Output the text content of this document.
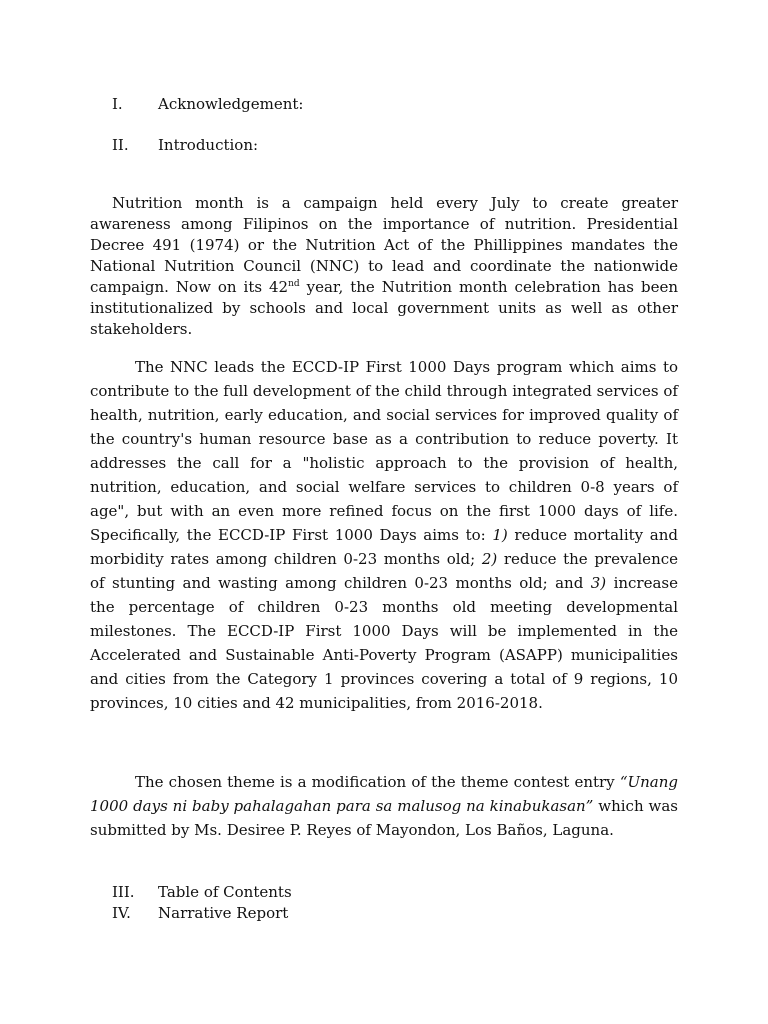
I. Acknowledgement:
II. Introduction:

Nutrition month is a campaign held every July to create greater awareness among Filipinos on the importance of nutrition. Presidential Decree 491 (1974) or the Nutrition Act of the Phillippines mandates the National Nutrition Council (NNC) to lead and coordinate the nationwide campaign. Now on its 42nd year, the Nutrition month celebration has been institutionalized by schools and local government units as well as other stakeholders.

The NNC leads the ECCD-IP First 1000 Days program which aims to contribute to the full development of the child through integrated services of health, nutrition, early education, and social services for improved quality of the country's human resource base as a contribution to reduce poverty. It addresses the call for a "holistic approach to the provision of health, nutrition, education, and social welfare services to children 0-8 years of age", but with an even more refined focus on the first 1000 days of life. Specifically, the ECCD-IP First 1000 Days aims to: 1) reduce mortality and morbidity rates among children 0-23 months old; 2) reduce the prevalence of stunting and wasting among children 0-23 months old; and 3) increase the percentage of children 0-23 months old meeting developmental milestones. The ECCD-IP First 1000 Days will be implemented in the Accelerated and Sustainable Anti-Poverty Program (ASAPP) municipalities and cities from the Category 1 provinces covering a total of 9 regions, 10 provinces, 10 cities and 42 municipalities, from 2016-2018.

The chosen theme is a modification of the theme contest entry “Unang 1000 days ni baby pahalagahan para sa malusog na kinabukasan” which was submitted by Ms. Desiree P. Reyes of Mayondon, Los Baños, Laguna.

III. Table of Contents
IV. Narrative Report
